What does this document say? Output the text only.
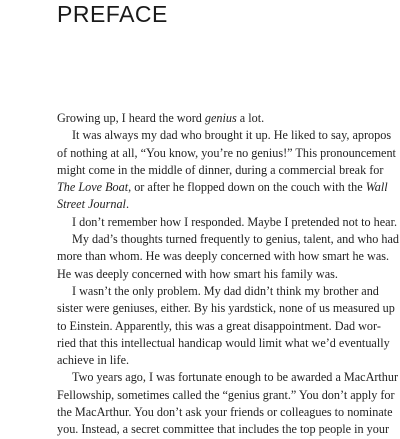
PREFACE
Growing up, I heard the word genius a lot.
It was always my dad who brought it up. He liked to say, apropos
of nothing at all, “You know, you’re no genius!” This pronouncement
might come in the middle of dinner, during a commercial break for
The Love Boat, or after he flopped down on the couch with the Wall
Street Journal.
I don’t remember how I responded. Maybe I pretended not to hear.
My dad’s thoughts turned frequently to genius, talent, and who had
more than whom. He was deeply concerned with how smart he was.
He was deeply concerned with how smart his family was.
I wasn’t the only problem. My dad didn’t think my brother and
sister were geniuses, either. By his yardstick, none of us measured up
to Einstein. Apparently, this was a great disappointment. Dad wor-
ried that this intellectual handicap would limit what we’d eventually
achieve in life.
Two years ago, I was fortunate enough to be awarded a MacArthur
Fellowship, sometimes called the “genius grant.” You don’t apply for
the MacArthur. You don’t ask your friends or colleagues to nominate
you. Instead, a secret committee that includes the top people in your
